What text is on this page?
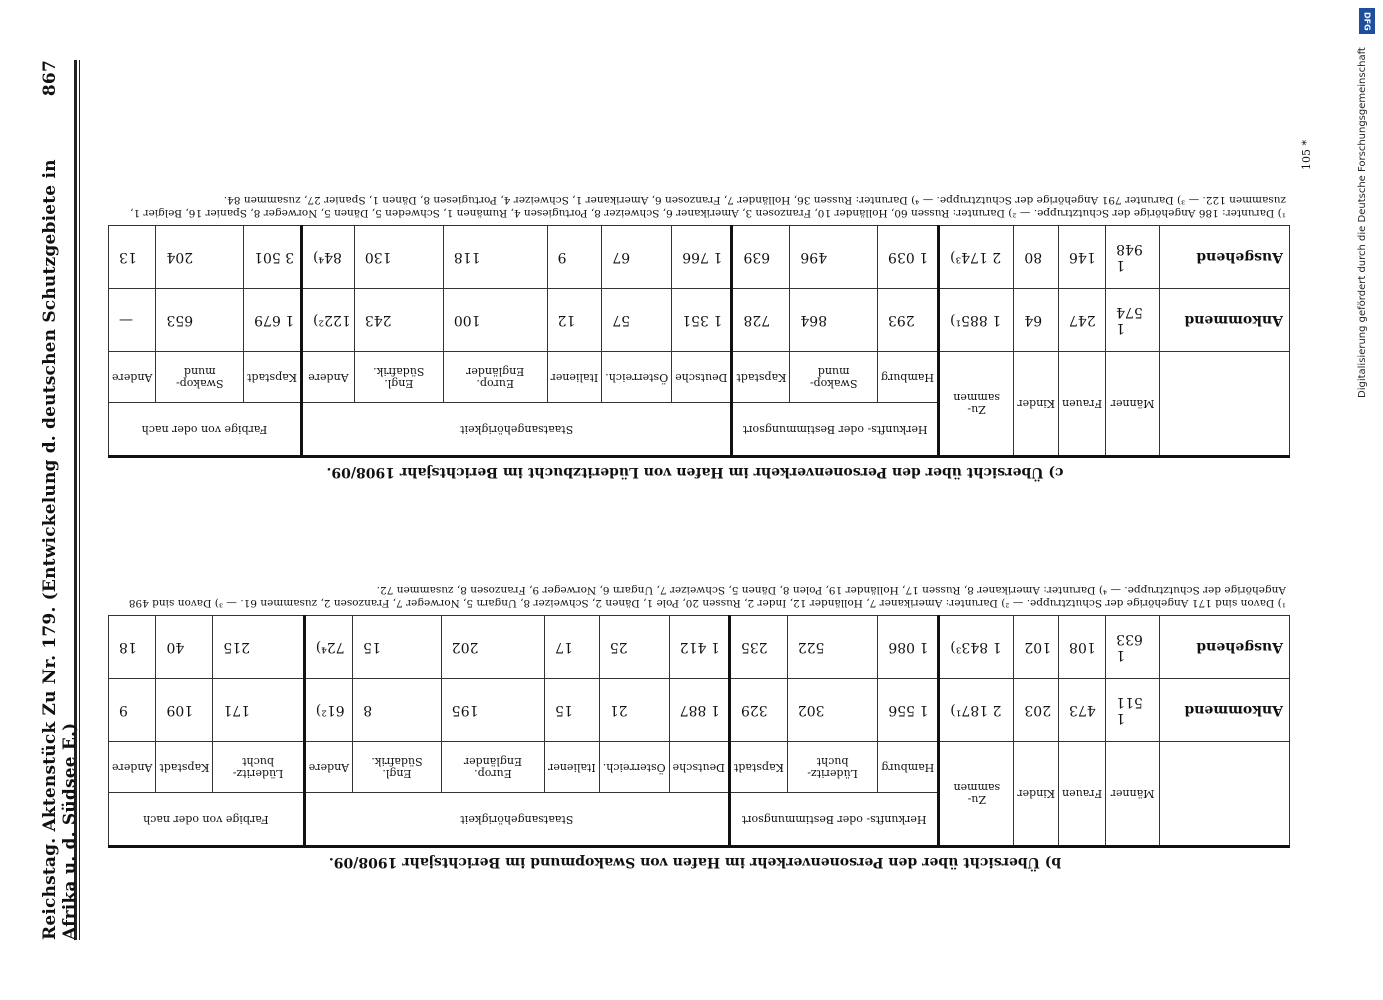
Reichstag. Aktenstück Zu Nr. 179. (Entwickelung d. deutschen Schutzgebiete in Afrika u. d. Südsee E.)
867
DFG
Digitalisierung gefördert durch die Deutsche Forschungsgemeinschaft
105 *
b) Übersicht über den Personenverkehr im Hafen von Swakopmund im Berichtsjahr 1908/09.
	Männer	Frauen	Kinder	Zu- sammen	Herkunfts- oder Bestimmungsort			Staatsangehörigkeit						Farbige von oder nach		
					Hamburg	Lüderitz- bucht	Kapstadt	Deutsche	Österreich.	Italiener	Europ. Engländer	Engl. Südafrik.	Andere	Lüderitz- bucht	Kapstadt	Andere
Ankommend	1 511	473	203	2 187¹)	1 556	302	329	1 887	21	15	195	8	61²)	171	109	9
Ausgehend	1 633	108	102	1 843³)	1 086	522	235	1 412	25	17	202	15	72⁴)	215	40	18
¹) Davon sind 171 Angehörige der Schutztruppe. — ²) Darunter: Amerikaner 7, Holländer 12, Inder 2, Russen 20, Pole 1, Dänen 2, Schweizer 8, Ungarn 5, Norweger 7, Franzosen 2, zusammen 61. — ³) Davon sind 498 Angehörige der Schutztruppe. — ⁴) Darunter: Amerikaner 8, Russen 17, Holländer 19, Polen 8, Dänen 5, Schweizer 7, Ungarn 6, Norweger 9, Franzosen 8, zusammen 72.
c) Übersicht über den Personenverkehr im Hafen von Lüderitzbucht im Berichtsjahr 1908/09.
	Männer	Frauen	Kinder	Zu- sammen	Herkunfts- oder Bestimmungsort			Staatsangehörigkeit						Farbige von oder nach		
					Hamburg	Swakop- mund	Kapstadt	Deutsche	Österreich.	Italiener	Europ. Engländer	Engl. Südafrik.	Andere	Kapstadt	Swakop- mund	Andere
Ankommend	1 574	247	64	1 885¹)	293	864	728	1 351	57	12	100	243	122²)	1 679	653	—
Ausgehend	1 948	146	80	2 174³)	1 039	496	639	1 766	67	9	118	130	84⁴)	3 501	204	13
¹) Darunter: 186 Angehörige der Schutztruppe. — ²) Darunter: Russen 60, Holländer 10, Franzosen 3, Amerikaner 6, Schweizer 8, Portugiesen 4, Rumänen 1, Schweden 5, Dänen 5, Norweger 8, Spanier 16, Belgier 1, zusammen 122. — ³) Darunter 791 Angehörige der Schutztruppe. — ⁴) Darunter: Russen 36, Holländer 7, Franzosen 6, Amerikaner 1, Schweizer 4, Portugiesen 8, Dänen 1, Spanier 27, zusammen 84.
